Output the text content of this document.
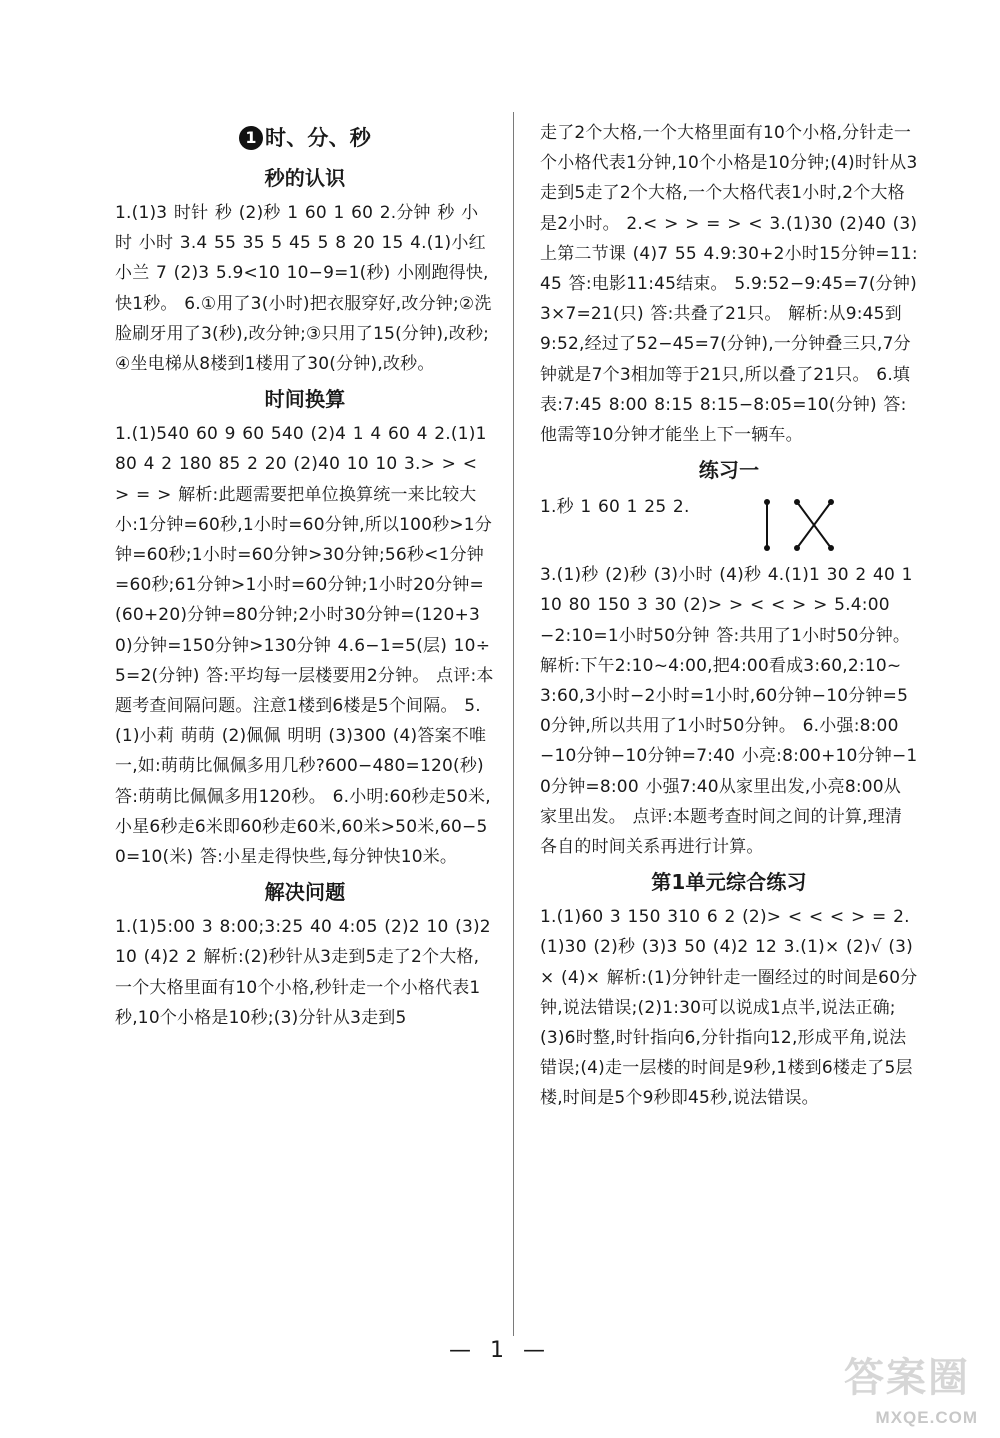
1 时、分、秒
秒的认识

1.(1)3 时针 秒 (2)秒 1 60 1 60 2.分钟 秒 小时 小时 3.4 55 35 5 45 5 8 20 15 4.(1)小红 小兰 7 (2)3 5.9<10 10−9=1(秒) 小刚跑得快,快1秒。 6.①用了3(小时)把衣服穿好,改分钟;②洗脸刷牙用了3(秒),改分钟;③只用了15(分钟),改秒;④坐电梯从8楼到1楼用了30(分钟),改秒。

时间换算

1.(1)540 60 9 60 540 (2)4 1 4 60 4 2.(1)180 4 2 180 85 2 20 (2)40 10 10 3.> > < > = > 解析:此题需要把单位换算统一来比较大小:1分钟=60秒,1小时=60分钟,所以100秒>1分钟=60秒;1小时=60分钟>30分钟;56秒<1分钟=60秒;61分钟>1小时=60分钟;1小时20分钟=(60+20)分钟=80分钟;2小时30分钟=(120+30)分钟=150分钟>130分钟 4.6−1=5(层) 10÷5=2(分钟) 答:平均每一层楼要用2分钟。 点评:本题考查间隔问题。注意1楼到6楼是5个间隔。 5.(1)小莉 萌萌 (2)佩佩 明明 (3)300 (4)答案不唯一,如:萌萌比佩佩多用几秒?600−480=120(秒)答:萌萌比佩佩多用120秒。 6.小明:60秒走50米,小星6秒走6米即60秒走60米,60米>50米,60−50=10(米) 答:小星走得快些,每分钟快10米。

解决问题

1.(1)5:00 3 8:00;3:25 40 4:05 (2)2 10 (3)2 10 (4)2 2 解析:(2)秒针从3走到5走了2个大格,一个大格里面有10个小格,秒针走一个小格代表1秒,10个小格是10秒;(3)分针从3走到5

走了2个大格,一个大格里面有10个小格,分针走一个小格代表1分钟,10个小格是10分钟;(4)时针从3走到5走了2个大格,一个大格代表1小时,2个大格是2小时。 2.< > > = > < 3.(1)30 (2)40 (3)上第二节课 (4)7 55 4.9:30+2小时15分钟=11:45 答:电影11:45结束。 5.9:52−9:45=7(分钟) 3×7=21(只) 答:共叠了21只。 解析:从9:45到9:52,经过了52−45=7(分钟),一分钟叠三只,7分钟就是7个3相加等于21只,所以叠了21只。 6.填表:7:45 8:00 8:15 8:15−8:05=10(分钟) 答:他需等10分钟才能坐上下一辆车。

练习一
1.秒 1 60 1 25 2.

3.(1)秒 (2)秒 (3)小时 (4)秒 4.(1)1 30 2 40 110 80 150 3 30 (2)> > < < > > 5.4:00−2:10=1小时50分钟 答:共用了1小时50分钟。 解析:下午2:10~4:00,把4:00看成3:60,2:10~3:60,3小时−2小时=1小时,60分钟−10分钟=50分钟,所以共用了1小时50分钟。 6.小强:8:00−10分钟−10分钟=7:40 小亮:8:00+10分钟−10分钟=8:00 小强7:40从家里出发,小亮8:00从家里出发。 点评:本题考查时间之间的计算,理清各自的时间关系再进行计算。

第1单元综合练习

1.(1)60 3 150 310 6 2 (2)> < < < > = 2.(1)30 (2)秒 (3)3 50 (4)2 12 3.(1)× (2)√ (3)× (4)× 解析:(1)分钟针走一圈经过的时间是60分钟,说法错误;(2)1:30可以说成1点半,说法正确;(3)6时整,时针指向6,分针指向12,形成平角,说法错误;(4)走一层楼的时间是9秒,1楼到6楼走了5层楼,时间是5个9秒即45秒,说法错误。

— 1 —
答案圈
MXQE.COM
